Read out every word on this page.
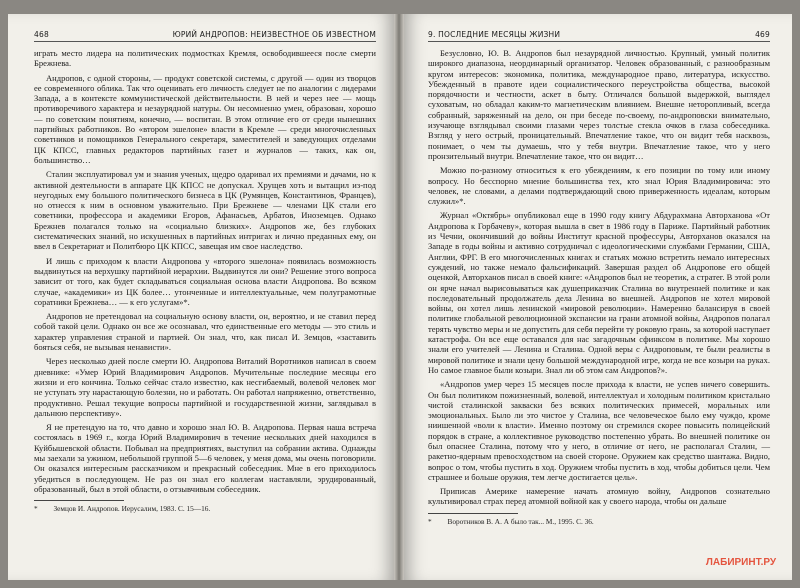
468	ЮРИЙ АНДРОПОВ: НЕИЗВЕСТНОЕ ОБ ИЗВЕСТНОМ

играть место лидера на политических подмостках Кремля, освободившееся после смерти Брежнева.

Андропов, с одной стороны, — продукт советской системы, с другой — один из творцов ее современного облика. Так что оценивать его личность следует не по аналогии с лидерами Запада, а в контексте коммунистической действительности. В ней и через нее — мощь противоречивого характера и незаурядной натуры. Он несомненно умен, образован, хорошо — по советским понятиям, конечно, — воспитан. В этом отличие его от среди нынешних партийных работников. Во «втором эшелоне» власти в Кремле — среди многочисленных советников и помощников Генерального секретаря, заместителей и заведующих отделами ЦК КПСС, главных редакторов партийных газет и журналов — таких, как он, большинство…

Сталин эксплуатировал ум и знания ученых, щедро одаривал их премиями и дачами, но к активной деятельности в аппарате ЦК КПСС не допускал. Хрущев хоть и вытащил из-под неугодных ему большого политического бизнеса в ЦК (Румянцев, Константинов, Францев), но отнесся к ним в основном уважительно. При Брежневе — членами ЦК стали его советники, профессора и академики Егоров, Афанасьев, Арбатов, Иноземцев. Однако Брежнев полагался только на «социально близких». Андропов же, без глубоких систематических знаний, но искушенных в партийных интригах и лично преданных ему, он ввел в Секретариат и Политбюро ЦК КПСС, завещая им свое наследство.

И лишь с приходом к власти Андропова у «второго эшелона» появилась возможность выдвинуться на верхушку партийной иерархии. Выдвинутся ли они? Решение этого вопроса зависит от того, как будет складываться социальная основа власти Андропова. Во всяком случае, «академики» из ЦК более… утонченные и интеллектуальные, чем полуграмотные соратники Брежнева… — к его услугам»*.

Андропов не претендовал на социальную основу власти, он, вероятно, и не ставил перед собой такой цели. Однако он все же осознавал, что единственные его методы — это стиль и характер управления страной и партией. Он знал, что, как писал И. Земцов, «заставить бояться себя, не вызывая ненависти».

Через несколько дней после смерти Ю. Андропова Виталий Воротников написал в своем дневнике: «Умер Юрий Владимирович Андропов. Мучительные последние месяцы его жизни и его кончина. Только сейчас стало известно, как несгибаемый, волевой человек мог не уступать эту нарастающую болезни, но и работать. Он работал напряженно, ответственно, продуктивно. Решал текущие вопросы партийной и государственной жизни, заглядывал в дальнюю перспективу».

Я не претендую на то, что давно и хорошо знал Ю. В. Андропова. Первая наша встреча состоялась в 1969 г., когда Юрий Владимирович в течение нескольких дней находился в Куйбышевской области. Побывал на предприятиях, выступил на собрании актива. Однажды мы заехали за ужином, небольшой группой 5—6 человек, у меня дома, мы очень поговорили. Он оказался интересным рассказчиком и прекрасный собеседник. Мне в его приходилось убедиться в последующем. Не раз он знал его коллегам наставляли, эрудированный, образованный, был в этой области, о отзывчивым собеседник.

* Земцов И. Андропов. Иерусалим, 1983. С. 15—16.
9. ПОСЛЕДНИЕ МЕСЯЦЫ ЖИЗНИ	469

Безусловно, Ю. В. Андропов был незаурядной личностью. Крупный, умный политик широкого диапазона, неординарный организатор. Человек образованный, с разнообразным кругом интересов: экономика, политика, международное право, литература, искусство. Убежденный в правоте идеи социалистического переустройства общества, высокой порядочности и честности, аскет в быту. Отличался большой выдержкой, выглядел суховатым, но обладал каким-то магнетическим влиянием. Внешне неторопливый, всегда собранный, заряженный на дело, он при беседе по-своему, по-андроповски внимательно, изучающе взглядывал своими глазами через толстые стекла очков в глаза собеседника. Взгляд у него острый, проницательный. Впечатление такое, что он видит тебя насквозь, понимает, о чем ты думаешь, что у тебя внутри. Впечатление такое, что у него пронзительный внутри. Впечатление такое, что он видит…

Можно по-разному относиться к его убеждениям, к его позиции по тому или иному вопросу. Но бесспорно мнение большинства тех, кто знал Юрия Владимировича: это человек, не словами, а делами подтверждающий свою приверженность идеалам, которым служил»*.

Журнал «Октябрь» опубликовал еще в 1990 году книгу Абдурахмана Авторханова «От Андропова к Горбачеву», которая вышла в свет в 1986 году в Париже. Партийный работник из Чечни, окончивший до войны Институт красной профессуры, Авторханов оказался на Западе в годы войны и активно сотрудничал с идеологическими службами Германии, США, Англии, ФРГ. В его многочисленных книгах и статьях можно встретить немало интересных суждений, но также немало фальсификаций. Завершая раздел об Андропове его общей оценкой, Авторханов писал в своей книге: «Андропов был не теоретик, а стратег. В этой роли он ярче начал вырисовываться как душеприказчик Сталина во внутренней политике и как последовательный продолжатель дела Ленина во внешней. Андропов не хотел мировой войны, он хотел лишь ленинской «мировой революции». Намеренно балансируя в своей политике глобальной революционной экспансии на грани атомной войны, Андропов полагал терять чувство меры и не допустить для себя перейти ту роковую грань, за которой наступает катастрофа. Он все еще оставался для нас загадочным сфинксом в политике. Мы хорошо знали его учителей — Ленина и Сталина. Одной веры с Андроповым, те были реалисты в мировой политике и знали цену большой международной игре, когда не все козыри на руках. Но самое главное были козыри. Знал ли об этом сам Андропов?».

«Андропов умер через 15 месяцев после прихода к власти, не успев ничего совершить. Он был политиком пожизненный, волевой, интеллектуал и холодным политиком кристально чистой сталинской закваски без всяких политических примесей, моральных или эмоциональных. Было ли это чистое у Сталина, все человеческое было ему чуждо, кроме ниишенной «воли к власти». Именно поэтому он стремился скорее повысить полицейский порядок в стране, а коллективное руководство постепенно убрать. Во внешней политике он был опаснее Сталина, потому что у него, в отличие от него, не располагал Сталин, — ракетно-ядерным превосходством на своей стороне. Оружием как средство шантажа. Видно, вопрос о том, чтобы пустить в ход. Оружием чтобы пустить в ход, чтобы добиться цели. Чем страшнее и больше оружия, тем легче достигается цель».

Приписав Америке намерение начать атомную войну, Андропов сознательно культивировал страх перед атомной войной как у своего народа, чтобы он дальше

* Воротников В. А. А было так... М., 1995. С. 36.
ЛАБИРИНТ.РУ
